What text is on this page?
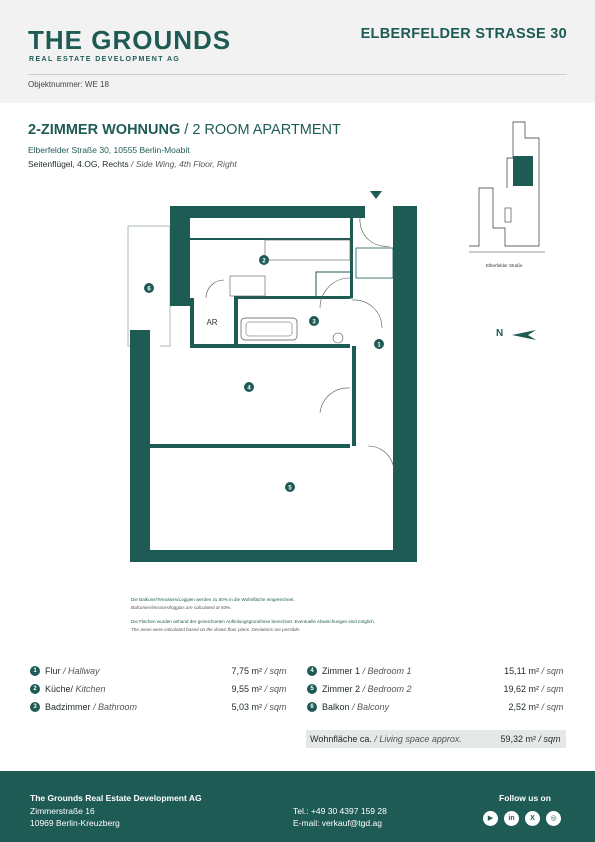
THE GROUNDS
REAL ESTATE DEVELOPMENT AG
ELBERFELDER STRASSE 30
Objektnummer: WE 18
2-ZIMMER WOHNUNG / 2 ROOM APARTMENT
Elberfelder Straße 30, 10555 Berlin-Moabit
Seitenflügel, 4.OG, Rechts / Side Wing, 4th Floor, Right
1
2
3
4
5
6
AR
Elberfelder Straße
N
Die Balkone/Terrassen/Loggien werden zu 50% in die Wohnfläche eingerechnet.
Balconies/terraces/loggias are calculated at 50%.
Die Flächen wurden anhand der gezeichneten Aufteilungsgrundrisse berechnet. Eventuelle Abweichungen sind möglich.
The areas were calculated based on the drawn floor plans. Deviations are possible.
1 Flur / Hallway	7,75 m² / sqm
2 Küche/ Kitchen	9,55 m² / sqm
3 Badzimmer / Bathroom	5,03 m² / sqm
4 Zimmer 1 / Bedroom 1	15,11 m² / sqm
5 Zimmer 2 / Bedroom 2	19,62 m² / sqm
6 Balkon / Balcony	2,52 m² / sqm
Wohnfläche ca. / Living space approx.	59,32 m² / sqm
The Grounds Real Estate Development AG
Zimmerstraße 16
10969 Berlin-Kreuzberg
Tel.: +49 30 4397 159 28
E-mail: verkauf@tgd.ag
Follow us on
▶	in	X	◎
